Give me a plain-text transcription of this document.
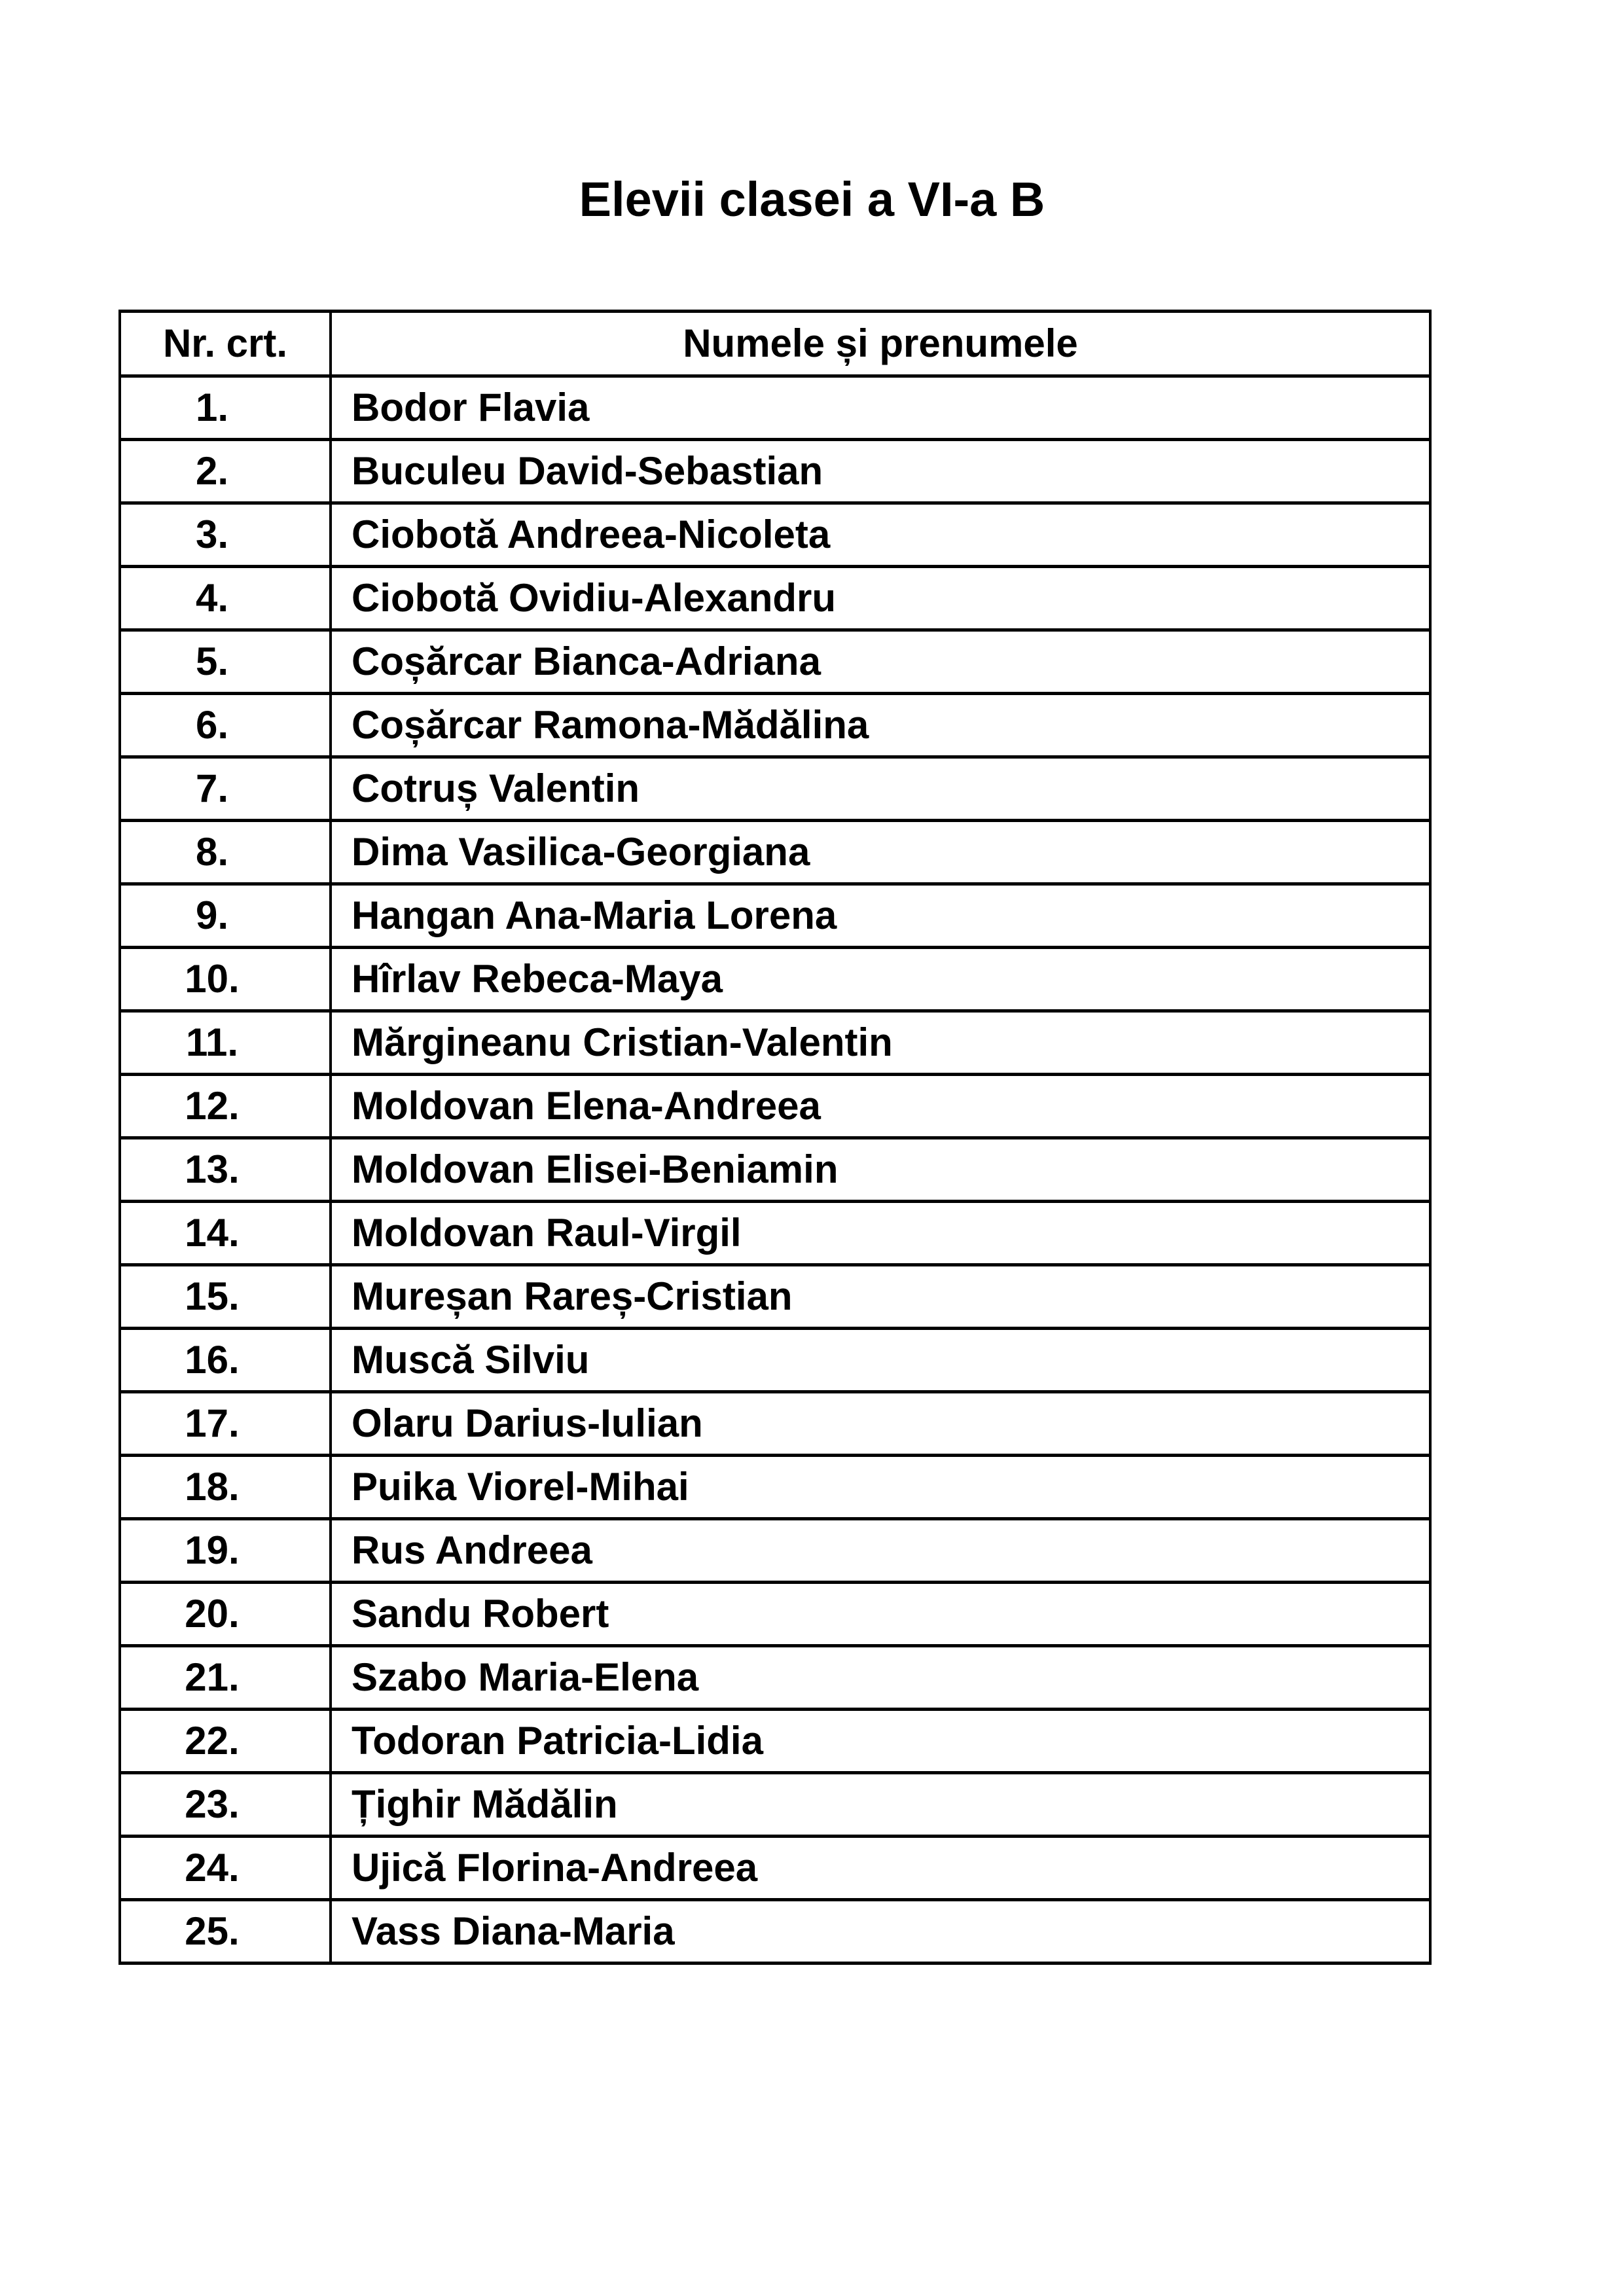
Elevii clasei a VI-a B
Nr. crt.	Numele și prenumele
1.	Bodor Flavia
2.	Buculeu David-Sebastian
3.	Ciobotă Andreea-Nicoleta
4.	Ciobotă Ovidiu-Alexandru
5.	Coșărcar Bianca-Adriana
6.	Coșărcar Ramona-Mădălina
7.	Cotruș Valentin
8.	Dima Vasilica-Georgiana
9.	Hangan Ana-Maria Lorena
10.	Hîrlav Rebeca-Maya
11.	Mărgineanu Cristian-Valentin
12.	Moldovan Elena-Andreea
13.	Moldovan Elisei-Beniamin
14.	Moldovan Raul-Virgil
15.	Mureșan Rareș-Cristian
16.	Muscă Silviu
17.	Olaru Darius-Iulian
18.	Puika Viorel-Mihai
19.	Rus Andreea
20.	Sandu Robert
21.	Szabo Maria-Elena
22.	Todoran Patricia-Lidia
23.	Țighir Mădălin
24.	Ujică Florina-Andreea
25.	Vass Diana-Maria
